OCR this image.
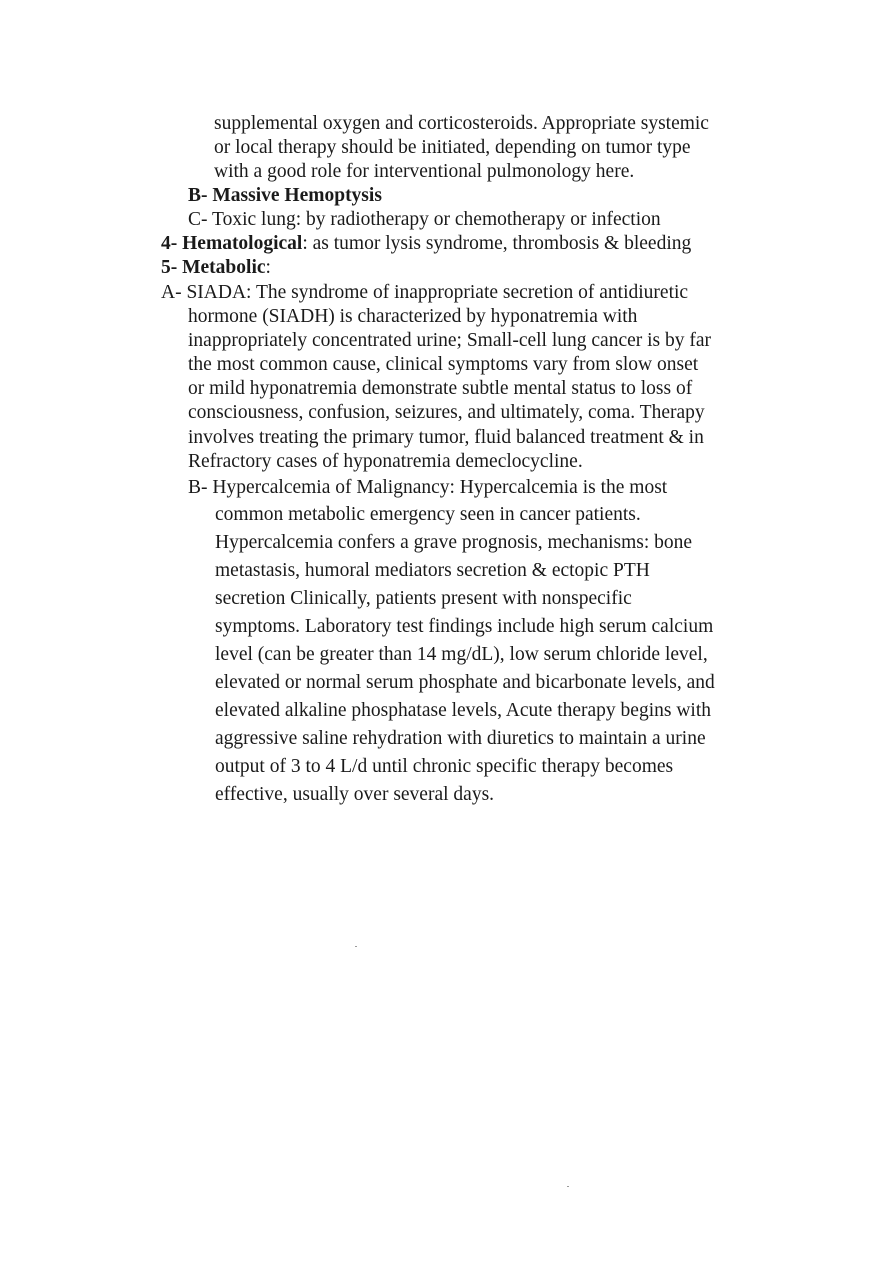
supplemental oxygen and corticosteroids. Appropriate systemic
or local therapy should be initiated, depending on tumor type
with a good role for interventional pulmonology here.
B- Massive Hemoptysis
C- Toxic lung: by radiotherapy or chemotherapy or infection
4- Hematological: as tumor lysis syndrome, thrombosis & bleeding
5- Metabolic:
A- SIADA: The syndrome of inappropriate secretion of antidiuretic
hormone (SIADH) is characterized by hyponatremia with
inappropriately concentrated urine; Small-cell lung cancer is by far
the most common cause, clinical symptoms vary from slow onset
or mild hyponatremia demonstrate subtle mental status to loss of
consciousness, confusion, seizures, and ultimately, coma. Therapy
involves treating the primary tumor, fluid balanced treatment & in
Refractory cases of hyponatremia demeclocycline.
B- Hypercalcemia of Malignancy: Hypercalcemia is the most
common metabolic emergency seen in cancer patients.
Hypercalcemia confers a grave prognosis, mechanisms: bone
metastasis, humoral mediators secretion & ectopic PTH
secretion Clinically, patients present with nonspecific
symptoms. Laboratory test findings include high serum calcium
level (can be greater than 14 mg/dL), low serum chloride level,
elevated or normal serum phosphate and bicarbonate levels, and
elevated alkaline phosphatase levels, Acute therapy begins with
aggressive saline rehydration with diuretics to maintain a urine
output of 3 to 4 L/d until chronic specific therapy becomes
effective, usually over several days.
